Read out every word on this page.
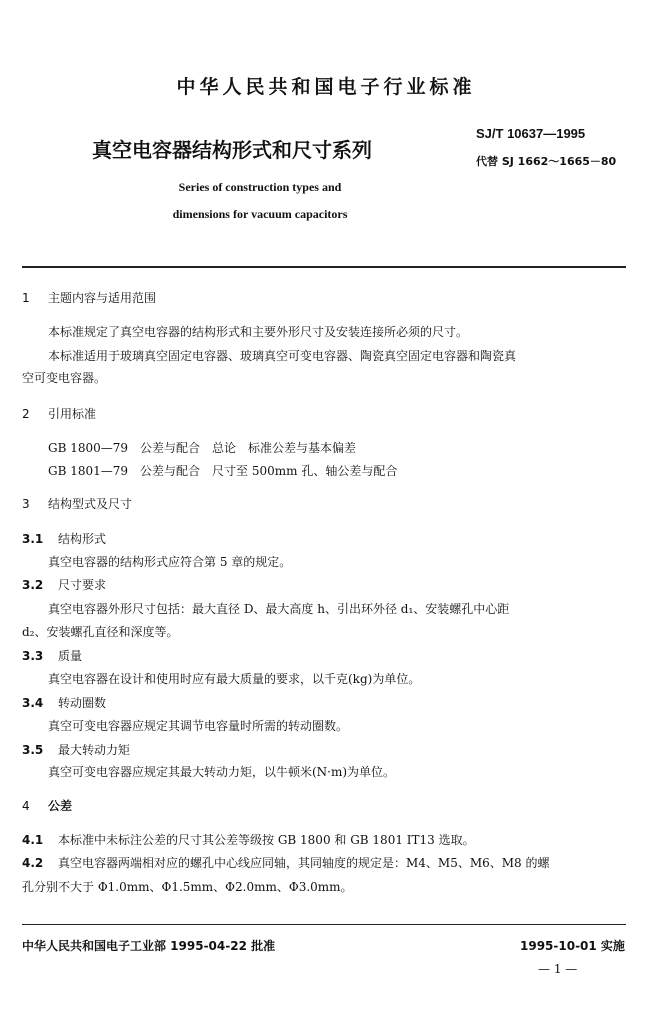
中华人民共和国电子行业标准
真空电容器结构形式和尺寸系列
SJ/T 10637—1995
代替 SJ 1662～1665－80
Series of construction types and
dimensions for vacuum capacitors
1 主题内容与适用范围
本标准规定了真空电容器的结构形式和主要外形尺寸及安装连接所必须的尺寸。
本标准适用于玻璃真空固定电容器、玻璃真空可变电容器、陶瓷真空固定电容器和陶瓷真
空可变电容器。
2 引用标准
GB 1800—79　公差与配合　总论　标准公差与基本偏差
GB 1801—79　公差与配合　尺寸至 500mm 孔、轴公差与配合
3 结构型式及尺寸
3.1 结构形式
真空电容器的结构形式应符合第 5 章的规定。
3.2 尺寸要求
真空电容器外形尺寸包括：最大直径 D、最大高度 h、引出环外径 d₁、安装螺孔中心距
d₂、安装螺孔直径和深度等。
3.3 质量
真空电容器在设计和使用时应有最大质量的要求，以千克(kg)为单位。
3.4 转动圈数
真空可变电容器应规定其调节电容量时所需的转动圈数。
3.5 最大转动力矩
真空可变电容器应规定其最大转动力矩，以牛顿米(N·m)为单位。
4 公差
4.1 本标准中未标注公差的尺寸其公差等级按 GB 1800 和 GB 1801 IT13 选取。
4.2 真空电容器两端相对应的螺孔中心线应同轴，其同轴度的规定是：M4、M5、M6、M8 的螺
孔分别不大于 Φ1.0mm、Φ1.5mm、Φ2.0mm、Φ3.0mm。
中华人民共和国电子工业部 1995-04-22 批准	1995-10-01 实施
— 1 —
